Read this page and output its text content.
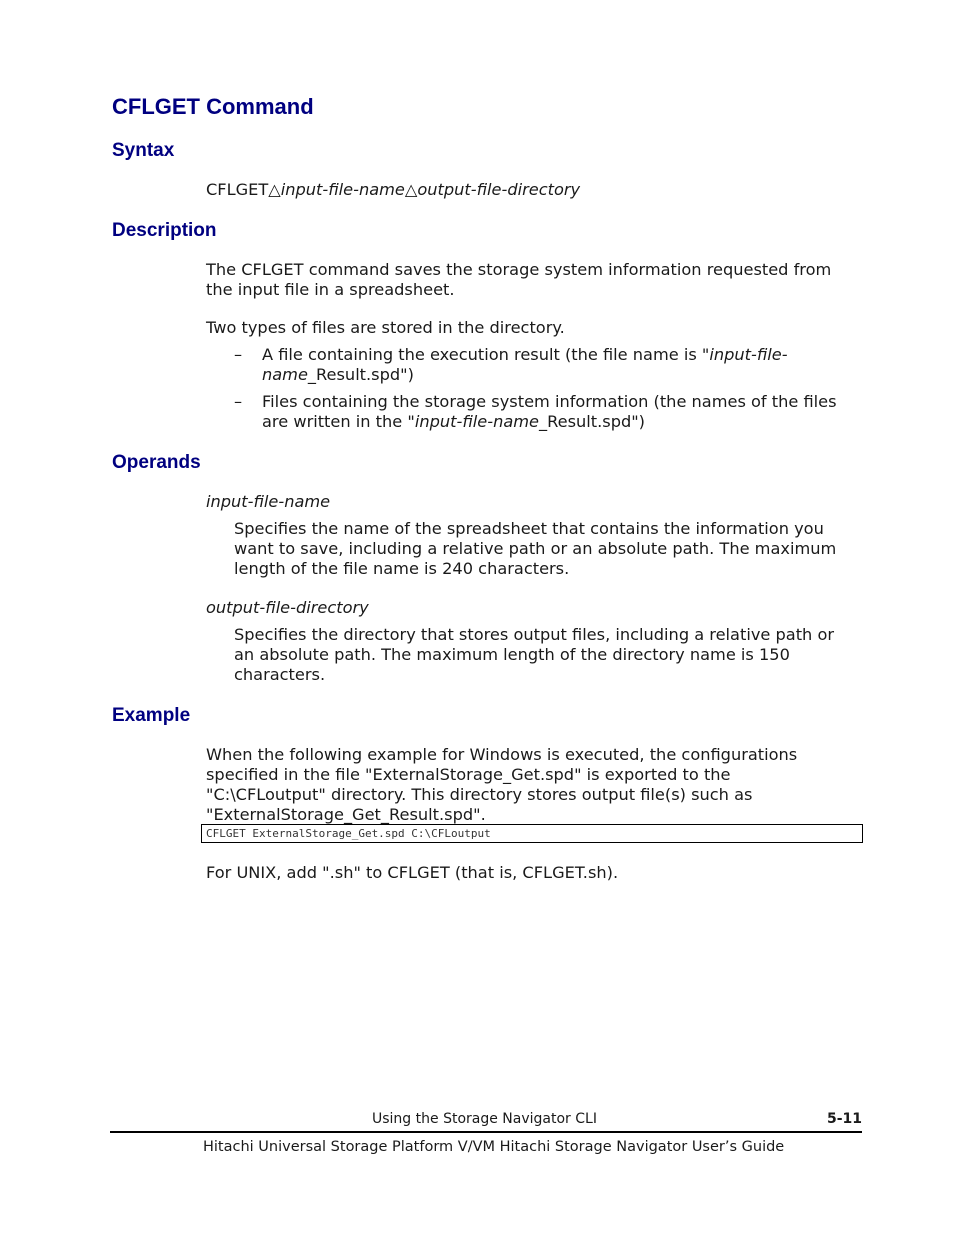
CFLGET Command
Syntax

CFLGET△input-file-name△output-file-directory

Description

The CFLGET command saves the storage system information requested from

the input file in a spreadsheet.

Two types of files are stored in the directory.

– A file containing the execution result (the file name is "input-file-

name_Result.spd")

– Files containing the storage system information (the names of the files

are written in the "input-file-name_Result.spd")

Operands

input-file-name

Specifies the name of the spreadsheet that contains the information you

want to save, including a relative path or an absolute path. The maximum

length of the file name is 240 characters.

output-file-directory

Specifies the directory that stores output files, including a relative path or

an absolute path. The maximum length of the directory name is 150

characters.

Example

When the following example for Windows is executed, the configurations

specified in the file "ExternalStorage_Get.spd" is exported to the

"C:\CFLoutput" directory. This directory stores output file(s) such as

"ExternalStorage_Get_Result.spd".

CFLGET ExternalStorage_Get.spd C:\CFLoutput

For UNIX, add ".sh" to CFLGET (that is, CFLGET.sh).

Using the Storage Navigator CLI	5-11
Hitachi Universal Storage Platform V/VM Hitachi Storage Navigator User’s Guide
